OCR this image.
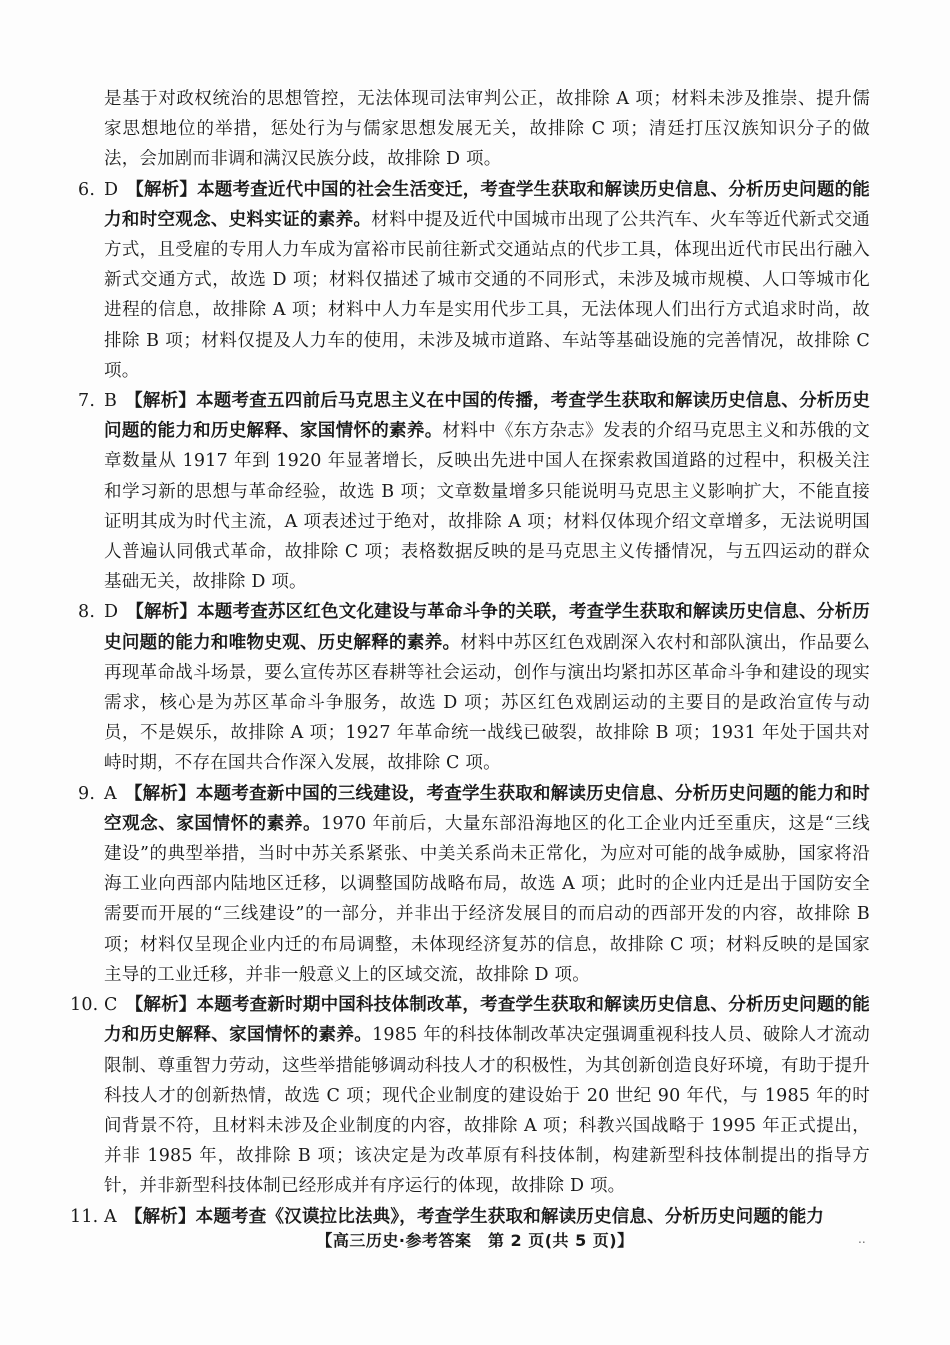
是基于对政权统治的思想管控，无法体现司法审判公正，故排除 A 项；材料未涉及推崇、提升儒家思想地位的举措，惩处行为与儒家思想发展无关，故排除 C 项；清廷打压汉族知识分子的做法，会加剧而非调和满汉民族分歧，故排除 D 项。

6. D 【解析】本题考查近代中国的社会生活变迁，考查学生获取和解读历史信息、分析历史问题的能力和时空观念、史料实证的素养。材料中提及近代中国城市出现了公共汽车、火车等近代新式交通方式，且受雇的专用人力车成为富裕市民前往新式交通站点的代步工具，体现出近代市民出行融入新式交通方式，故选 D 项；材料仅描述了城市交通的不同形式，未涉及城市规模、人口等城市化进程的信息，故排除 A 项；材料中人力车是实用代步工具，无法体现人们出行方式追求时尚，故排除 B 项；材料仅提及人力车的使用，未涉及城市道路、车站等基础设施的完善情况，故排除 C 项。
7. B 【解析】本题考查五四前后马克思主义在中国的传播，考查学生获取和解读历史信息、分析历史问题的能力和历史解释、家国情怀的素养。材料中《东方杂志》发表的介绍马克思主义和苏俄的文章数量从 1917 年到 1920 年显著增长，反映出先进中国人在探索救国道路的过程中，积极关注和学习新的思想与革命经验，故选 B 项；文章数量增多只能说明马克思主义影响扩大，不能直接证明其成为时代主流，A 项表述过于绝对，故排除 A 项；材料仅体现介绍文章增多，无法说明国人普遍认同俄式革命，故排除 C 项；表格数据反映的是马克思主义传播情况，与五四运动的群众基础无关，故排除 D 项。
8. D 【解析】本题考查苏区红色文化建设与革命斗争的关联，考查学生获取和解读历史信息、分析历史问题的能力和唯物史观、历史解释的素养。材料中苏区红色戏剧深入农村和部队演出，作品要么再现革命战斗场景，要么宣传苏区春耕等社会运动，创作与演出均紧扣苏区革命斗争和建设的现实需求，核心是为苏区革命斗争服务，故选 D 项；苏区红色戏剧运动的主要目的是政治宣传与动员，不是娱乐，故排除 A 项；1927 年革命统一战线已破裂，故排除 B 项；1931 年处于国共对峙时期，不存在国共合作深入发展，故排除 C 项。
9. A 【解析】本题考查新中国的三线建设，考查学生获取和解读历史信息、分析历史问题的能力和时空观念、家国情怀的素养。1970 年前后，大量东部沿海地区的化工企业内迁至重庆，这是“三线建设”的典型举措，当时中苏关系紧张、中美关系尚未正常化，为应对可能的战争威胁，国家将沿海工业向西部内陆地区迁移，以调整国防战略布局，故选 A 项；此时的企业内迁是出于国防安全需要而开展的“三线建设”的一部分，并非出于经济发展目的而启动的西部开发的内容，故排除 B 项；材料仅呈现企业内迁的布局调整，未体现经济复苏的信息，故排除 C 项；材料反映的是国家主导的工业迁移，并非一般意义上的区域交流，故排除 D 项。
10. C 【解析】本题考查新时期中国科技体制改革，考查学生获取和解读历史信息、分析历史问题的能力和历史解释、家国情怀的素养。1985 年的科技体制改革决定强调重视科技人员、破除人才流动限制、尊重智力劳动，这些举措能够调动科技人才的积极性，为其创新创造良好环境，有助于提升科技人才的创新热情，故选 C 项；现代企业制度的建设始于 20 世纪 90 年代，与 1985 年的时间背景不符，且材料未涉及企业制度的内容，故排除 A 项；科教兴国战略于 1995 年正式提出，并非 1985 年，故排除 B 项；该决定是为改革原有科技体制，构建新型科技体制提出的指导方针，并非新型科技体制已经形成并有序运行的体现，故排除 D 项。
11. A 【解析】本题考查《汉谟拉比法典》，考查学生获取和解读历史信息、分析历史问题的能力
【高三历史·参考答案　第 2 页(共 5 页)】	..
